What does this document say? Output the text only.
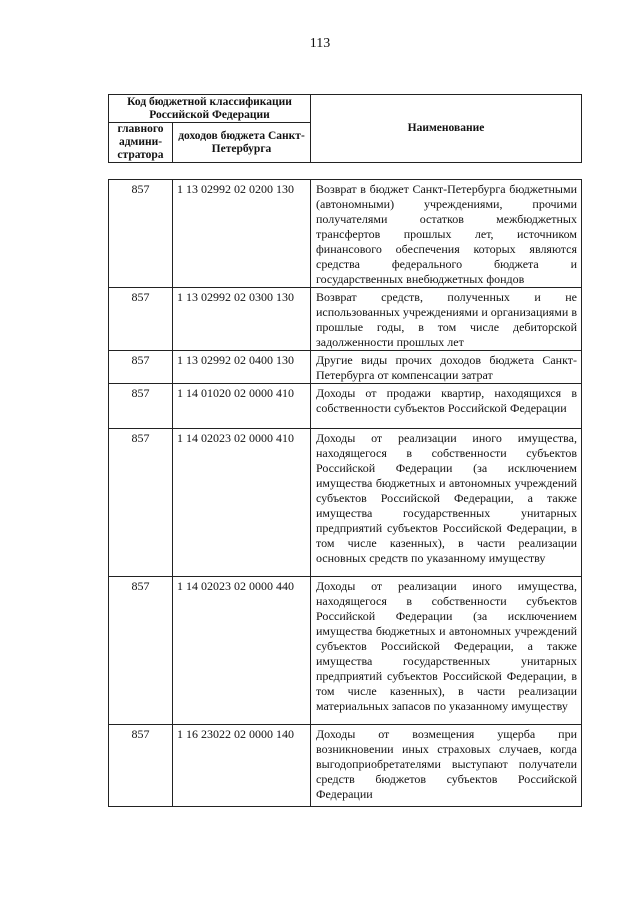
113
Код бюджетной классификации Российской Федерации		Наименование
главного админи-стратора	доходов бюджета Санкт-Петербурга	
857	1 13 02992 02 0200 130	Возврат в бюджет Санкт-Петербурга бюджетными (автономными) учреждениями, прочими получателями остатков межбюджетных трансфертов прошлых лет, источником финансового обеспечения которых являются средства федерального бюджета и государственных внебюджетных фондов
857	1 13 02992 02 0300 130	Возврат средств, полученных и не использованных учреждениями и организациями в прошлые годы, в том числе дебиторской задолженности прошлых лет
857	1 13 02992 02 0400 130	Другие виды прочих доходов бюджета Санкт-Петербурга от компенсации затрат
857	1 14 01020 02 0000 410	Доходы от продажи квартир, находящихся в собственности субъектов Российской Федерации
857	1 14 02023 02 0000 410	Доходы от реализации иного имущества, находящегося в собственности субъектов Российской Федерации (за исключением имущества бюджетных и автономных учреждений субъектов Российской Федерации, а также имущества государственных унитарных предприятий субъектов Российской Федерации, в том числе казенных), в части реализации основных средств по указанному имуществу
857	1 14 02023 02 0000 440	Доходы от реализации иного имущества, находящегося в собственности субъектов Российской Федерации (за исключением имущества бюджетных и автономных учреждений субъектов Российской Федерации, а также имущества государственных унитарных предприятий субъектов Российской Федерации, в том числе казенных), в части реализации материальных запасов по указанному имуществу
857	1 16 23022 02 0000 140	Доходы от возмещения ущерба при возникновении иных страховых случаев, когда выгодоприобретателями выступают получатели средств бюджетов субъектов Российской Федерации
